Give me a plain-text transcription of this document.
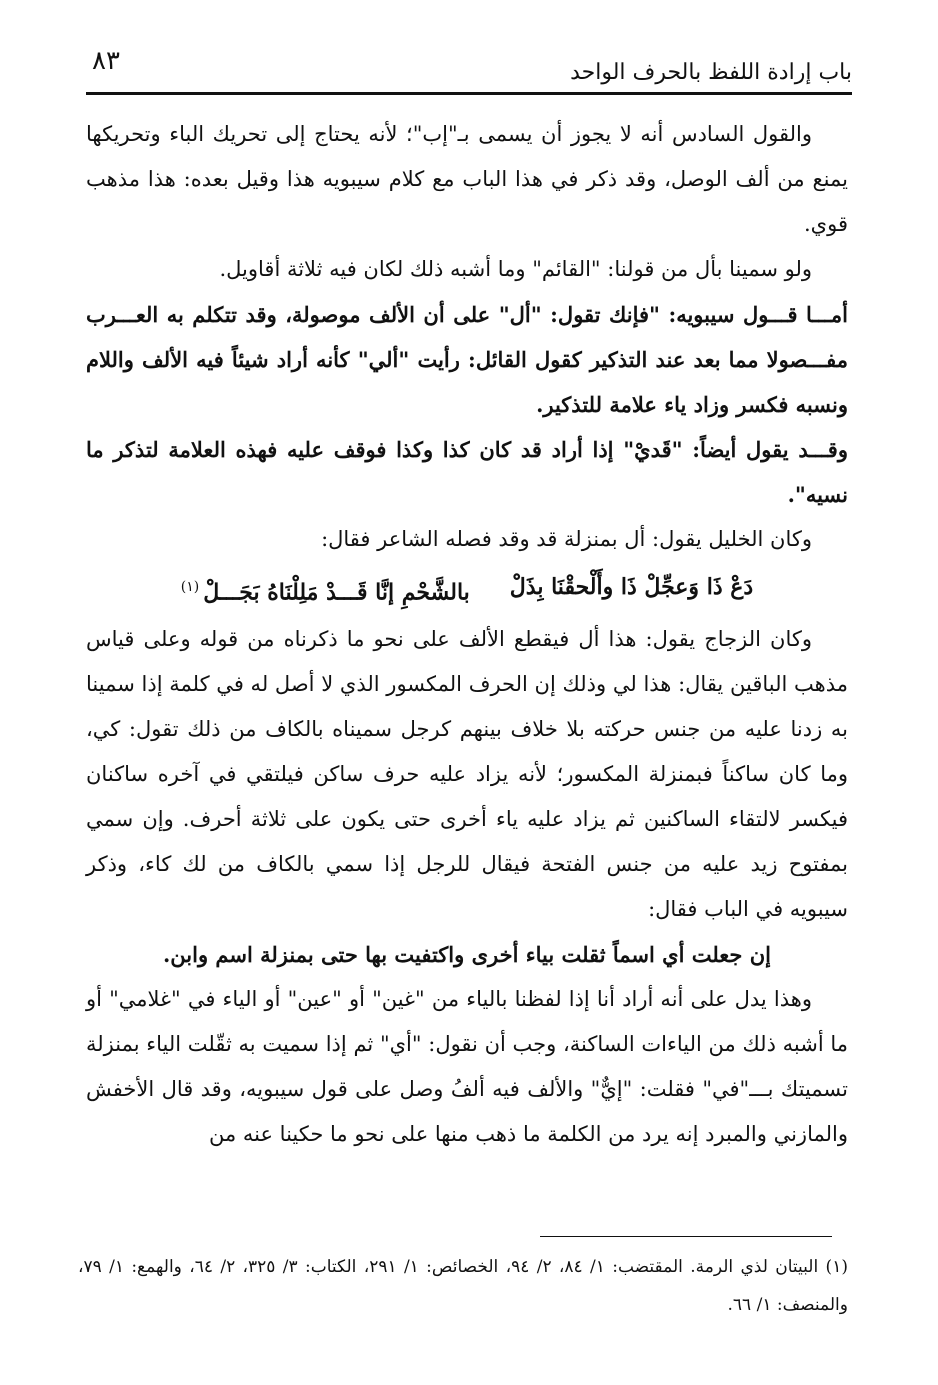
باب إرادة اللفظ بالحرف الواحد
٨٣

والقول السادس أنه لا يجوز أن يسمى بـ"إب"؛ لأنه يحتاج إلى تحريك الباء وتحريكها يمنع من ألف الوصل، وقد ذكر في هذا الباب مع كلام سيبويه هذا وقيل بعده: هذا مذهب قوي.

ولو سمينا بأل من قولنا: "القائم" وما أشبه ذلك لكان فيه ثلاثة أقاويل.

أمـــا قـــول سيبويه: "فإنك تقول: "أل" على أن الألف موصولة، وقد تتكلم به العـــرب مفـــصولا مما بعد عند التذكير كقول القائل: رأيت "ألي" كأنه أراد شيئاً فيه الألف واللام ونسبه فكسر وزاد ياء علامة للتذكير.

وقـــد يقول أيضاً: "قَديْ" إذا أراد قد كان كذا وكذا فوقف عليه فهذه العلامة لتذكر ما نسيه".

وكان الخليل يقول: أل بمنزلة قد وقد فصله الشاعر فقال:

دَعْ ذَا وَعجِّلْ ذَا وأَلْحقْنَا بِذَلْ
بالشَّحْمِ إنَّا قَـــدْ مَلِلْنَاهُ بَجَـــلْ$^{(١)}$

وكان الزجاج يقول: هذا أل فيقطع الألف على نحو ما ذكرناه من قوله وعلى قياس مذهب الباقين يقال: هذا لي وذلك إن الحرف المكسور الذي لا أصل له في كلمة إذا سمينا به زدنا عليه من جنس حركته بلا خلاف بينهم كرجل سميناه بالكاف من ذلك تقول: كي، وما كان ساكناً فبمنزلة المكسور؛ لأنه يزاد عليه حرف ساكن فيلتقي في آخره ساكنان فيكسر لالتقاء الساكنين ثم يزاد عليه ياء أخرى حتى يكون على ثلاثة أحرف. وإن سمي بمفتوح زيد عليه من جنس الفتحة فيقال للرجل إذا سمي بالكاف من لك كاء، وذكر سيبويه في الباب فقال:

إن جعلت أي اسماً ثقلت بياء أخرى واكتفيت بها حتى بمنزلة اسم وابن.

وهذا يدل على أنه أراد أنا إذا لفظنا بالياء من "غين" أو "عين" أو الياء في "غلامي" أو ما أشبه ذلك من الياءات الساكنة، وجب أن نقول: "أي" ثم إذا سميت به ثقّلت الياء بمنزلة تسميتك بـــ"في" فقلت: "إيٌّ" والألف فيه ألفُ وصل على قول سيبويه، وقد قال الأخفش والمازني والمبرد إنه يرد من الكلمة ما ذهب منها على نحو ما حكينا عنه من

(١) البيتان لذي الرمة. المقتضب: ١/ ٨٤، ٢/ ٩٤، الخصائص: ١/ ٢٩١، الكتاب: ٣/ ٣٢٥، ٢/ ٦٤، والهمع: ١/ ٧٩، والمنصف: ١/ ٦٦.
